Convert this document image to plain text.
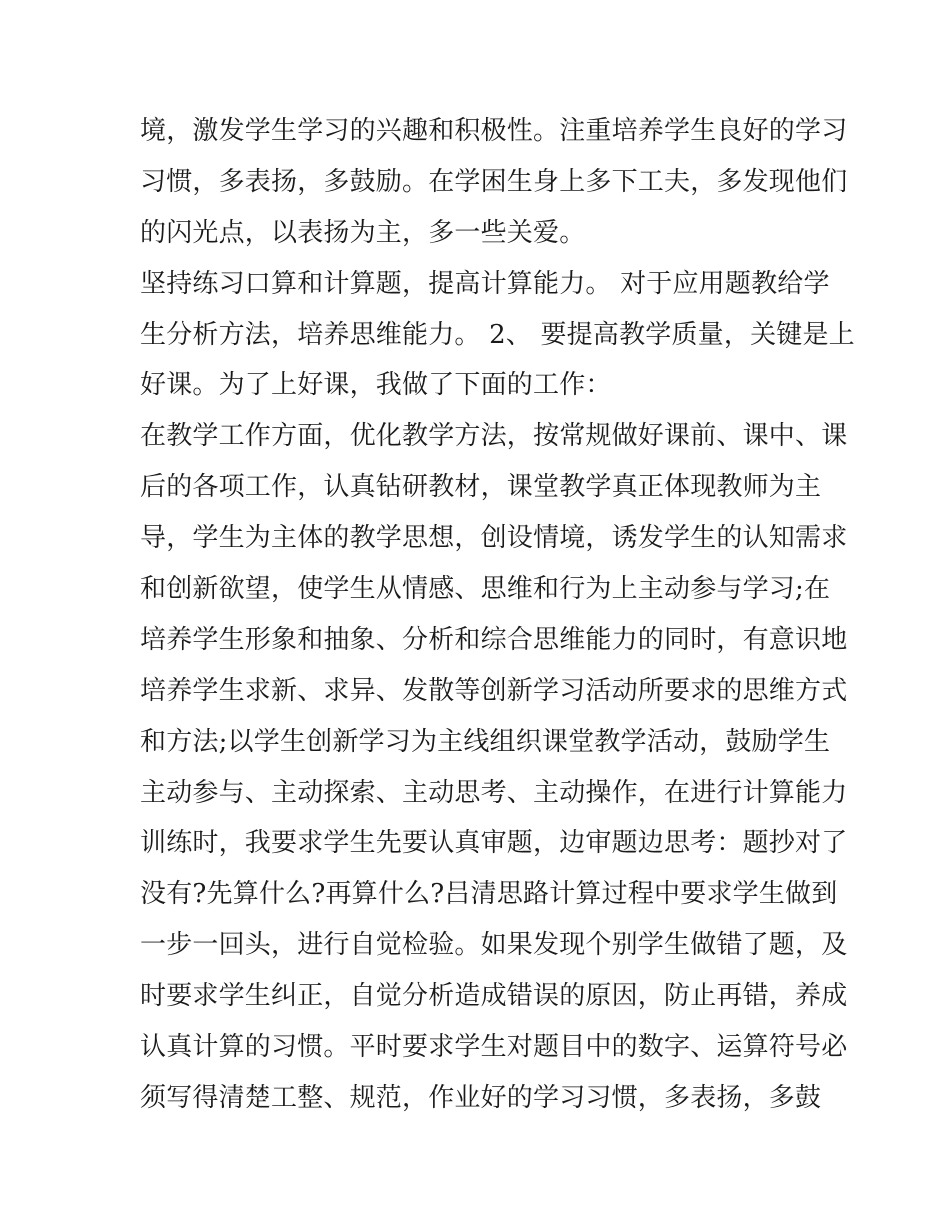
境，激发学生学习的兴趣和积极性。注重培养学生良好的学习
习惯，多表扬，多鼓励。在学困生身上多下工夫，多发现他们
的闪光点，以表扬为主，多一些关爱。
坚持练习口算和计算题，提高计算能力。 对于应用题教给学
生分析方法，培养思维能力。 2、 要提高教学质量，关键是上
好课。为了上好课，我做了下面的工作：
在教学工作方面，优化教学方法，按常规做好课前、课中、课
后的各项工作，认真钻研教材，课堂教学真正体现教师为主
导，学生为主体的教学思想，创设情境，诱发学生的认知需求
和创新欲望，使学生从情感、思维和行为上主动参与学习;在
培养学生形象和抽象、分析和综合思维能力的同时，有意识地
培养学生求新、求异、发散等创新学习活动所要求的思维方式
和方法;以学生创新学习为主线组织课堂教学活动，鼓励学生
主动参与、主动探索、主动思考、主动操作，在进行计算能力
训练时，我要求学生先要认真审题，边审题边思考：题抄对了
没有?先算什么?再算什么?吕清思路计算过程中要求学生做到
一步一回头，进行自觉检验。如果发现个别学生做错了题，及
时要求学生纠正，自觉分析造成错误的原因，防止再错，养成
认真计算的习惯。平时要求学生对题目中的数字、运算符号必
须写得清楚工整、规范，作业好的学习习惯，多表扬，多鼓
